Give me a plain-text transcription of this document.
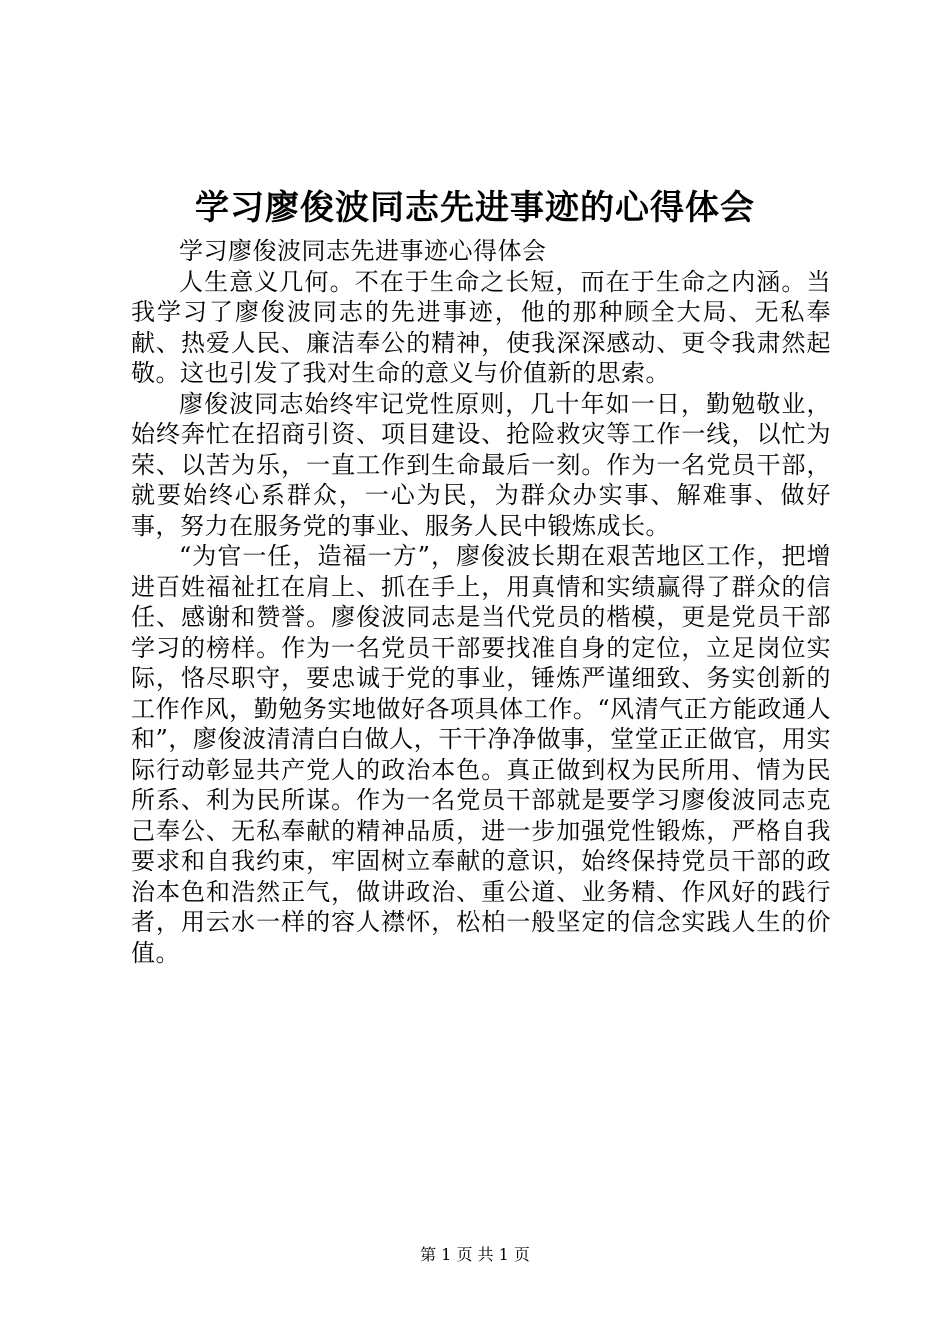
学习廖俊波同志先进事迹的心得体会

学习廖俊波同志先进事迹心得体会

人生意义几何。不在于生命之长短，而在于生命之内涵。当我学习了廖俊波同志的先进事迹，他的那种顾全大局、无私奉献、热爱人民、廉洁奉公的精神，使我深深感动、更令我肃然起敬。这也引发了我对生命的意义与价值新的思索。

廖俊波同志始终牢记党性原则，几十年如一日，勤勉敬业，始终奔忙在招商引资、项目建设、抢险救灾等工作一线，以忙为荣、以苦为乐，一直工作到生命最后一刻。作为一名党员干部，就要始终心系群众，一心为民，为群众办实事、解难事、做好事，努力在服务党的事业、服务人民中锻炼成长。

“为官一任，造福一方”，廖俊波长期在艰苦地区工作，把增进百姓福祉扛在肩上、抓在手上，用真情和实绩赢得了群众的信任、感谢和赞誉。廖俊波同志是当代党员的楷模，更是党员干部学习的榜样。作为一名党员干部要找准自身的定位，立足岗位实际，恪尽职守，要忠诚于党的事业，锤炼严谨细致、务实创新的工作作风，勤勉务实地做好各项具体工作。“风清气正方能政通人和”，廖俊波清清白白做人，干干净净做事，堂堂正正做官，用实际行动彰显共产党人的政治本色。真正做到权为民所用、情为民所系、利为民所谋。作为一名党员干部就是要学习廖俊波同志克己奉公、无私奉献的精神品质，进一步加强党性锻炼，严格自我要求和自我约束，牢固树立奉献的意识，始终保持党员干部的政治本色和浩然正气，做讲政治、重公道、业务精、作风好的践行者，用云水一样的容人襟怀，松柏一般坚定的信念实践人生的价值。

第 1 页 共 1 页
